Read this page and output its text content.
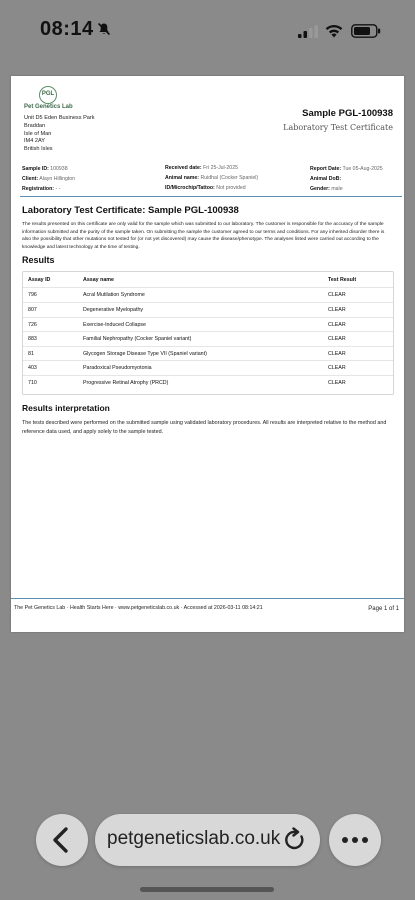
08:14
PGL
Pet Genetics Lab
Unit D5 Eden Business Park
Braddan
Isle of Man
IM4 2AY
British Isles
Sample PGL-100938
Laboratory Test Certificate
Sample ID: 100938
Client: Alayn Hillington
Registration: - -
Received date: Fri 25-Jul-2025
Animal name: Ruidhal (Cocker Spaniel)
ID/Microchip/Tattoo: Not provided
Report Date: Tue 05-Aug-2025
Animal DoB:
Gender: male
Laboratory Test Certificate: Sample PGL-100938
The results presented on this certificate are only valid for the sample which was submitted to our laboratory. The customer is responsible for the accuracy of the sample information submitted and the purity of the sample taken. On submitting the sample the customer agreed to our terms and conditions. For any inherited disorder there is also the possibility that other mutations not tested for (or not yet discovered) may cause the disease/phenotype. The analyses listed were carried out according to the knowledge and latest technology at the time of testing.
Results
Assay ID	Assay name	Test Result
796	Acral Mutilation Syndrome	CLEAR
807	Degenerative Myelopathy	CLEAR
726	Exercise-Induced Collapse	CLEAR
883	Familial Nephropathy (Cocker Spaniel variant)	CLEAR
81	Glycogen Storage Disease Type VII (Spaniel variant)	CLEAR
403	Paradoxical Pseudomyotonia	CLEAR
710	Progressive Retinal Atrophy (PRCD)	CLEAR
Results interpretation
The tests described were performed on the submitted sample using validated laboratory procedures. All results are interpreted relative to the method and reference data used, and apply solely to the sample tested.
The Pet Genetics Lab · Health Starts Here · www.petgeneticslab.co.uk · Accessed at 2026-03-11 08:14:21	Page 1 of 1
petgeneticslab.co.uk
